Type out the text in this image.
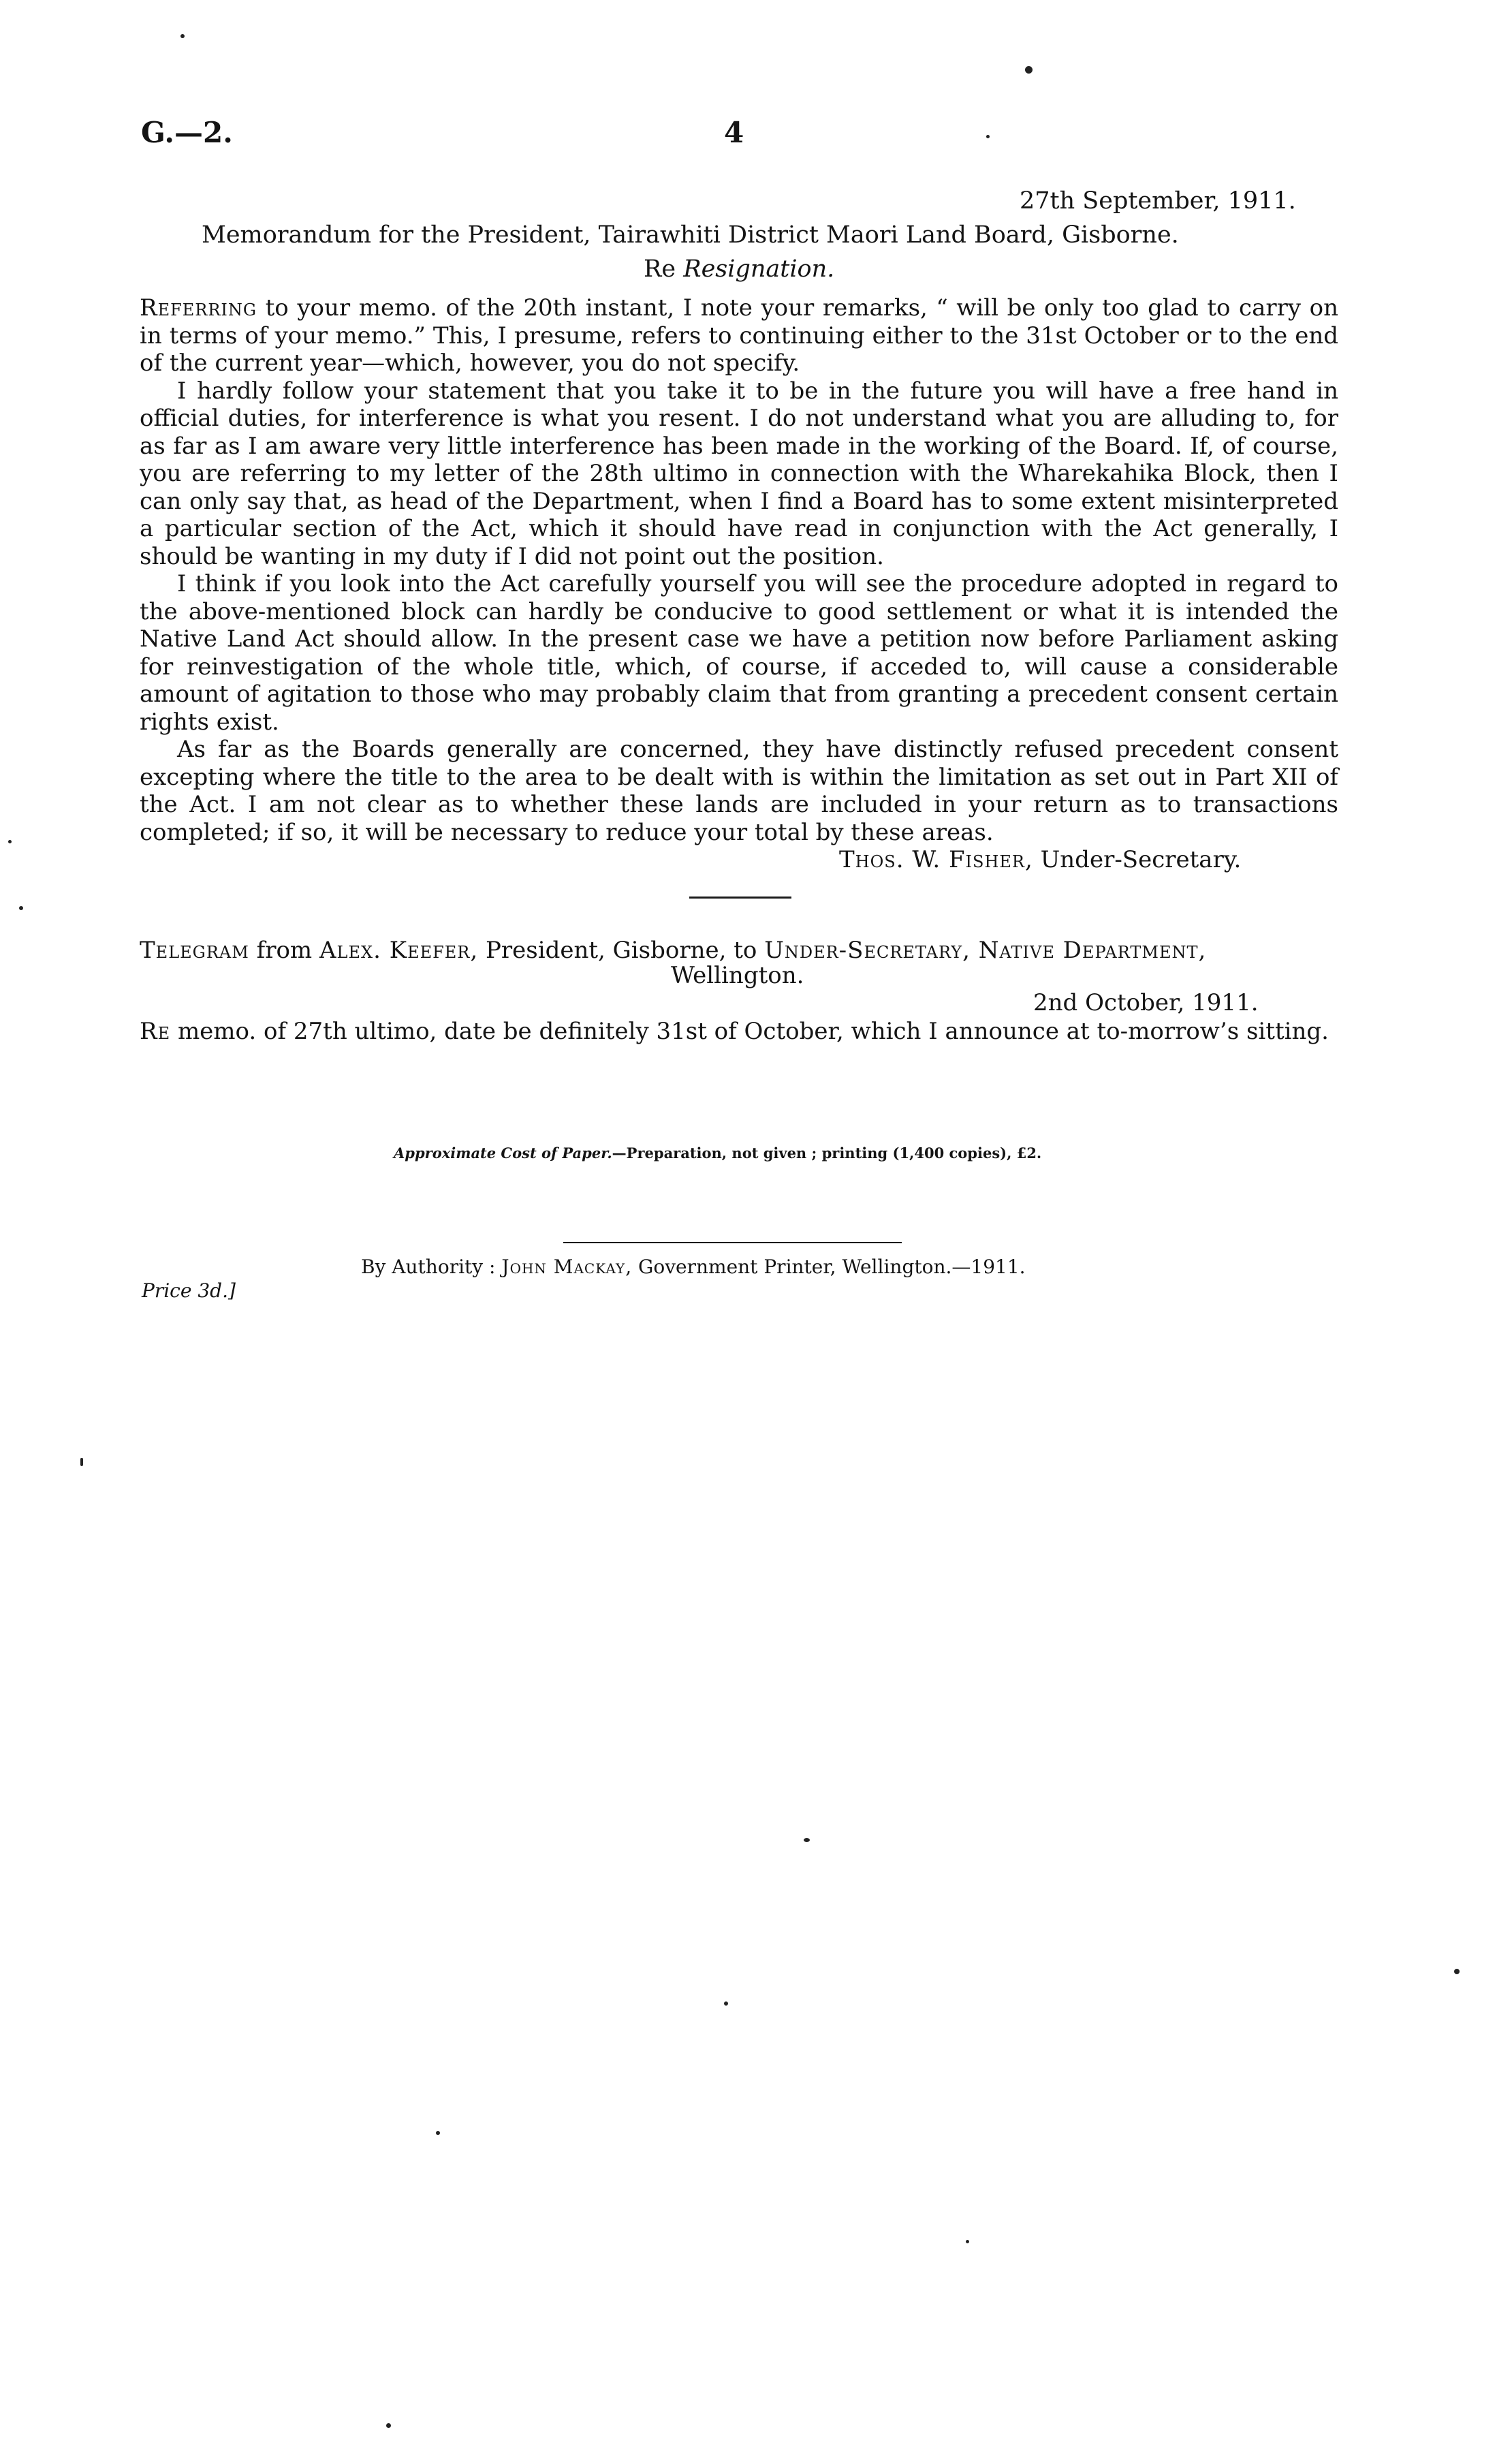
G.—2.	4
27th September, 1911.
Memorandum for the President, Tairawhiti District Maori Land Board, Gisborne.
Re Resignation.

Referring to your memo. of the 20th instant, I note your remarks, “ will be only too glad to carry on in terms of your memo.” This, I presume, refers to continuing either to the 31st October or to the end of the current year—which, however, you do not specify.

I hardly follow your statement that you take it to be in the future you will have a free hand in official duties, for interference is what you resent. I do not understand what you are alluding to, for as far as I am aware very little interference has been made in the working of the Board. If, of course, you are referring to my letter of the 28th ultimo in connection with the Wharekahika Block, then I can only say that, as head of the Department, when I find a Board has to some extent misinterpreted a particular section of the Act, which it should have read in conjunction with the Act generally, I should be wanting in my duty if I did not point out the position.

I think if you look into the Act carefully yourself you will see the procedure adopted in regard to the above-mentioned block can hardly be conducive to good settlement or what it is intended the Native Land Act should allow. In the present case we have a petition now before Parliament asking for reinvestigation of the whole title, which, of course, if acceded to, will cause a considerable amount of agitation to those who may probably claim that from granting a precedent consent certain rights exist.

As far as the Boards generally are concerned, they have distinctly refused precedent consent excepting where the title to the area to be dealt with is within the limitation as set out in Part XII of the Act. I am not clear as to whether these lands are included in your return as to transactions completed; if so, it will be necessary to reduce your total by these areas.

Thos. W. Fisher, Under-Secretary.
Telegram from Alex. Keefer, President, Gisborne, to Under-Secretary, Native Department,
Wellington.
2nd October, 1911.

Re memo. of 27th ultimo, date be definitely 31st of October, which I announce at to-morrow’s sitting.

Approximate Cost of Paper.—Preparation, not given ; printing (1,400 copies), £2.
By Authority : John Mackay, Government Printer, Wellington.—1911.
Price 3d.]
